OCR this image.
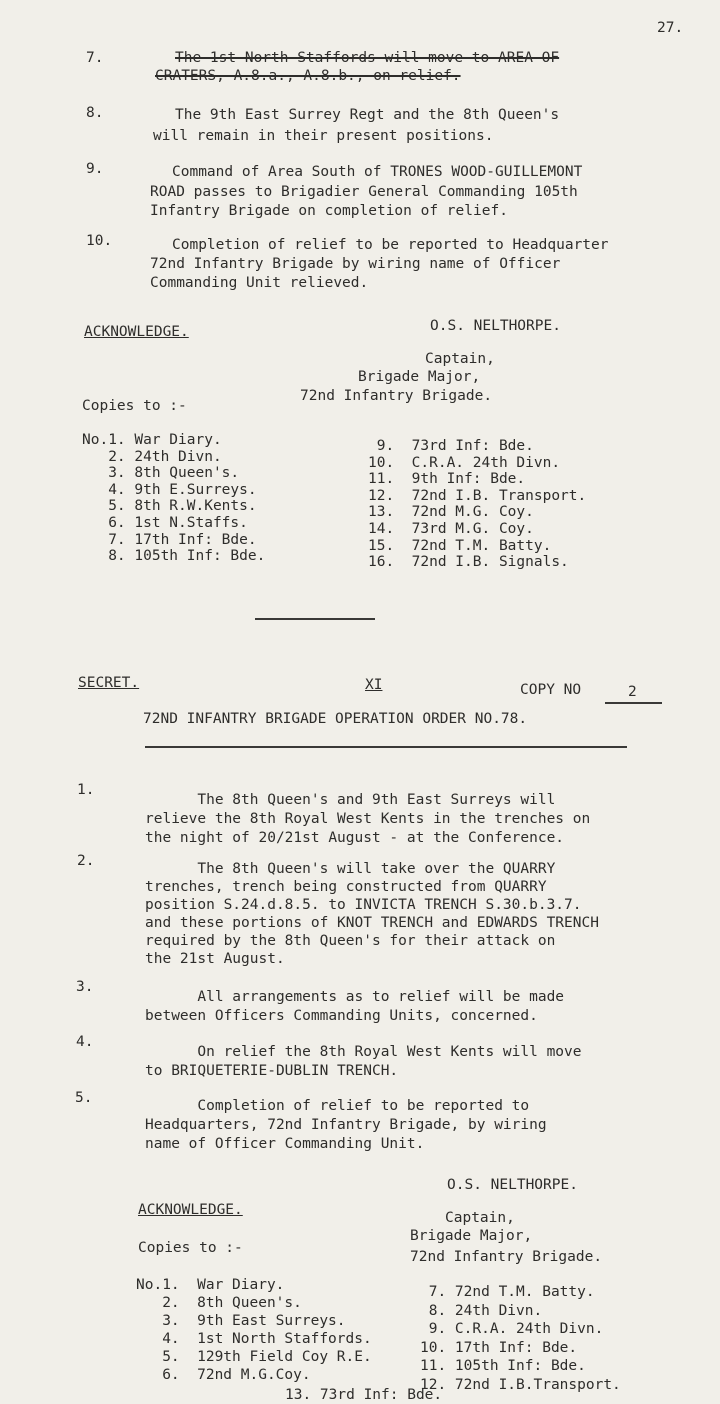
27.
7.	The 1st North Staffords will move to AREA OF
CRATERS, A.8.a., A.8.b., on relief.
8.	The 9th East Surrey Regt and the 8th Queen's
will remain in their present positions.
9.	Command of Area South of TRONES WOOD-GUILLEMONT
ROAD passes to Brigadier General Commanding 105th
Infantry Brigade on completion of relief.
10.	Completion of relief to be reported to Headquarter
72nd Infantry Brigade by wiring name of Officer
Commanding Unit relieved.
ACKNOWLEDGE.	O.S. NELTHORPE.
Captain,
Brigade Major,
72nd Infantry Brigade.
Copies to :-
No.1. War Diary.
2. 24th Divn.
3. 8th Queen's.
4. 9th E.Surreys.
5. 8th R.W.Kents.
6. 1st N.Staffs.
7. 17th Inf: Bde.
8. 105th Inf: Bde.
9.  73rd Inf: Bde.
10.  C.R.A. 24th Divn.
11.  9th Inf: Bde.
12.  72nd I.B. Transport.
13.  72nd M.G. Coy.
14.  73rd M.G. Coy.
15.  72nd T.M. Batty.
16.  72nd I.B. Signals.
SECRET.	XI	COPY NO	2
72ND INFANTRY BRIGADE OPERATION ORDER NO.78.
1.
The 8th Queen's and 9th East Surreys will
relieve the 8th Royal West Kents in the trenches on
the night of 20/21st August - at the Conference.
2.	The 8th Queen's will take over the QUARRY
trenches, trench being constructed from QUARRY
position S.24.d.8.5. to INVICTA TRENCH S.30.b.3.7.
and these portions of KNOT TRENCH and EDWARDS TRENCH
required by the 8th Queen's for their attack on
the 21st August.
3.
All arrangements as to relief will be made
between Officers Commanding Units, concerned.
4.
On relief the 8th Royal West Kents will move
to BRIQUETERIE-DUBLIN TRENCH.
5.	Completion of relief to be reported to
Headquarters, 72nd Infantry Brigade, by wiring
name of Officer Commanding Unit.
O.S. NELTHORPE.
ACKNOWLEDGE.	Captain,
Brigade Major,
Copies to :-
72nd Infantry Brigade.
No.1.  War Diary.
2.  8th Queen's.
3.  9th East Surreys.
4.  1st North Staffords.
5.  129th Field Coy R.E.
6.  72nd M.G.Coy.
7. 72nd T.M. Batty.
8. 24th Divn.
9. C.R.A. 24th Divn.
10. 17th Inf: Bde.
11. 105th Inf: Bde.
12. 72nd I.B.Transport.
13. 73rd Inf: Bde.
